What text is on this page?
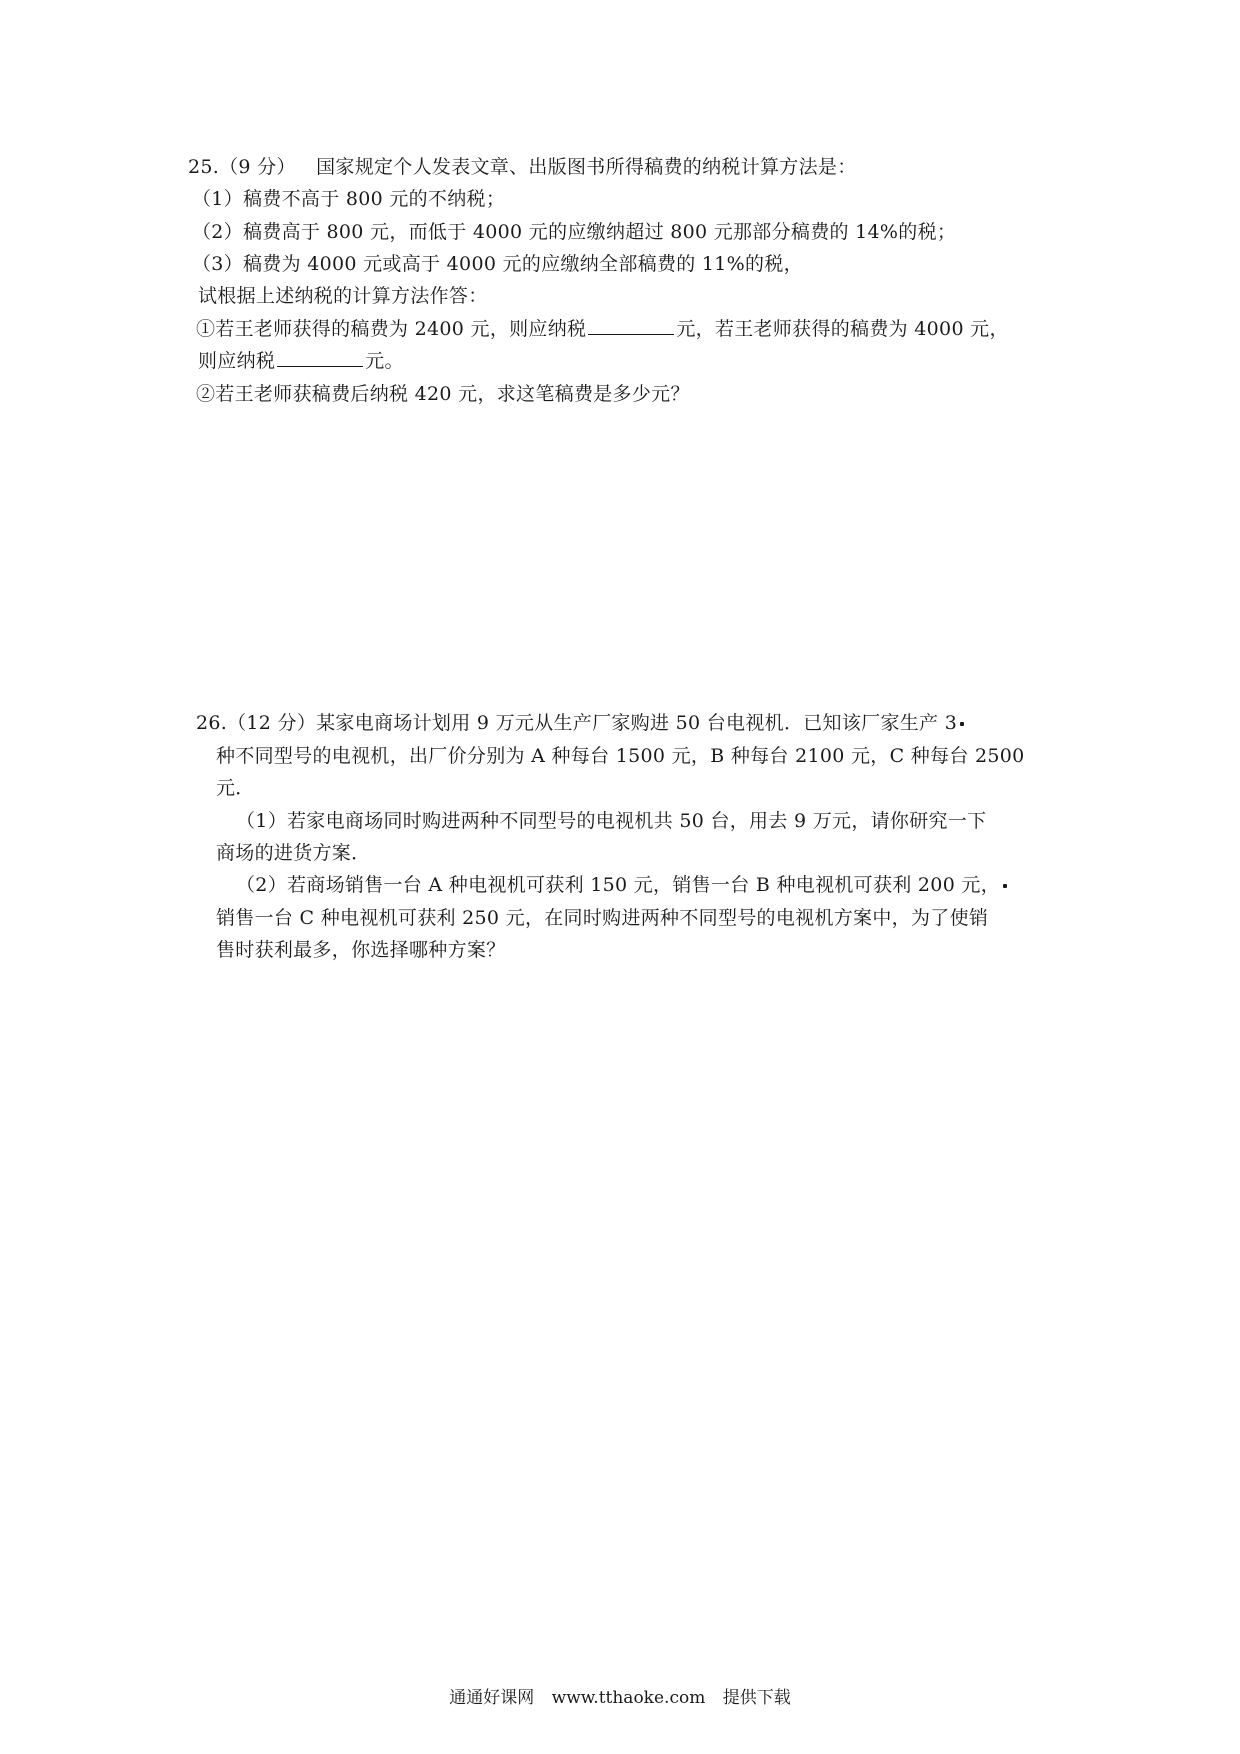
25.（9 分） 国家规定个人发表文章、出版图书所得稿费的纳税计算方法是：
（1）稿费不高于 800 元的不纳税；
（2）稿费高于 800 元，而低于 4000 元的应缴纳超过 800 元那部分稿费的 14%的税；
（3）稿费为 4000 元或高于 4000 元的应缴纳全部稿费的 11%的税，
试根据上述纳税的计算方法作答：
①若王老师获得的稿费为 2400 元，则应纳税	元，若王老师获得的稿费为 4000 元，
则应纳税	元。
②若王老师获稿费后纳税 420 元，求这笔稿费是多少元？
26.（12 分）某家电商场计划用 9 万元从生产厂家购进 50 台电视机．已知该厂家生产 3
种不同型号的电视机，出厂价分别为 A 种每台 1500 元，B 种每台 2100 元，C 种每台 2500
元．
（1）若家电商场同时购进两种不同型号的电视机共 50 台，用去 9 万元，请你研究一下
商场的进货方案．
（2）若商场销售一台 A 种电视机可获利 150 元，销售一台 B 种电视机可获利 200 元，
销售一台 C 种电视机可获利 250 元，在同时购进两种不同型号的电视机方案中，为了使销
售时获利最多，你选择哪种方案？
通通好课网 www.tthaoke.com 提供下载
